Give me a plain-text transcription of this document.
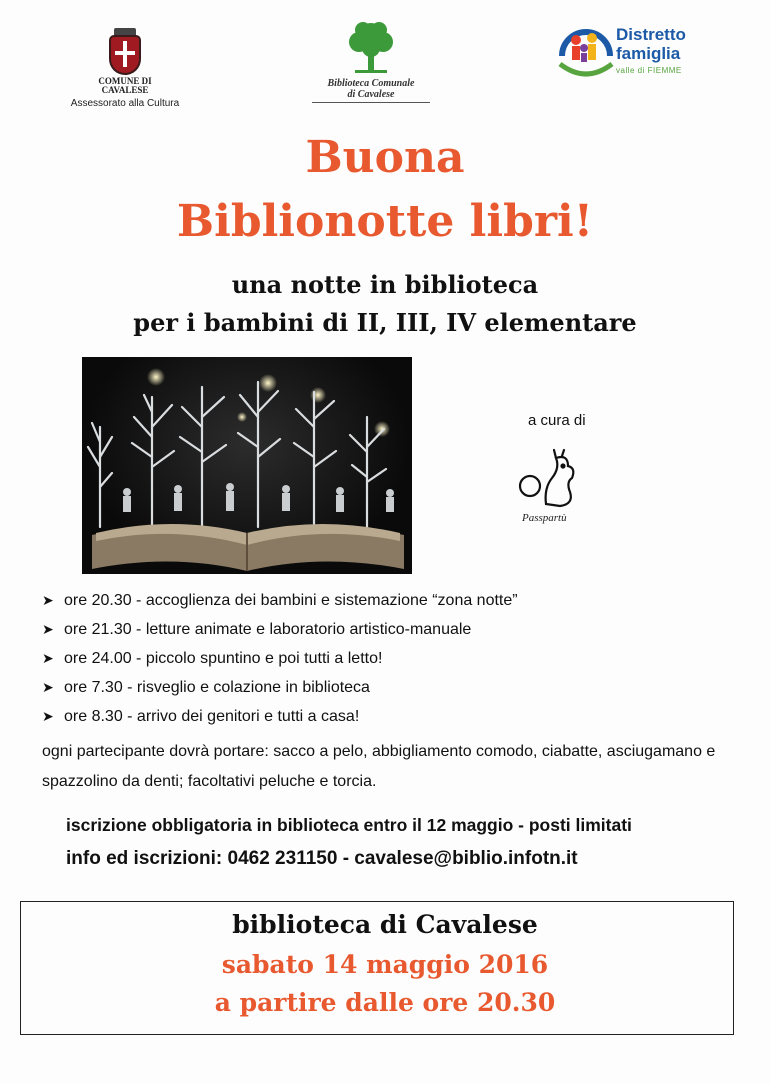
COMUNE DI
CAVALESE
Assessorato alla Cultura
Biblioteca Comunale
di Cavalese
Distretto
famiglia
valle di FIEMME
Buona
Biblionotte libri!
una notte in biblioteca
per i bambini di II, III, IV elementare
a cura di
Passpartù
➤ ore 20.30 - accoglienza dei bambini e sistemazione “zona notte”
➤ ore 21.30 - letture animate e laboratorio artistico-manuale
➤ ore 24.00 - piccolo spuntino e poi tutti a letto!
➤ ore 7.30 - risveglio e colazione in biblioteca
➤ ore 8.30 - arrivo dei genitori e tutti a casa!
ogni partecipante dovrà portare: sacco a pelo, abbigliamento comodo, ciabatte, asciugamano e spazzolino da denti; facoltativi peluche e torcia.
iscrizione obbligatoria in biblioteca entro il 12 maggio - posti limitati
info ed iscrizioni: 0462 231150 - cavalese@biblio.infotn.it
biblioteca di Cavalese
sabato 14 maggio 2016
a partire dalle ore 20.30
